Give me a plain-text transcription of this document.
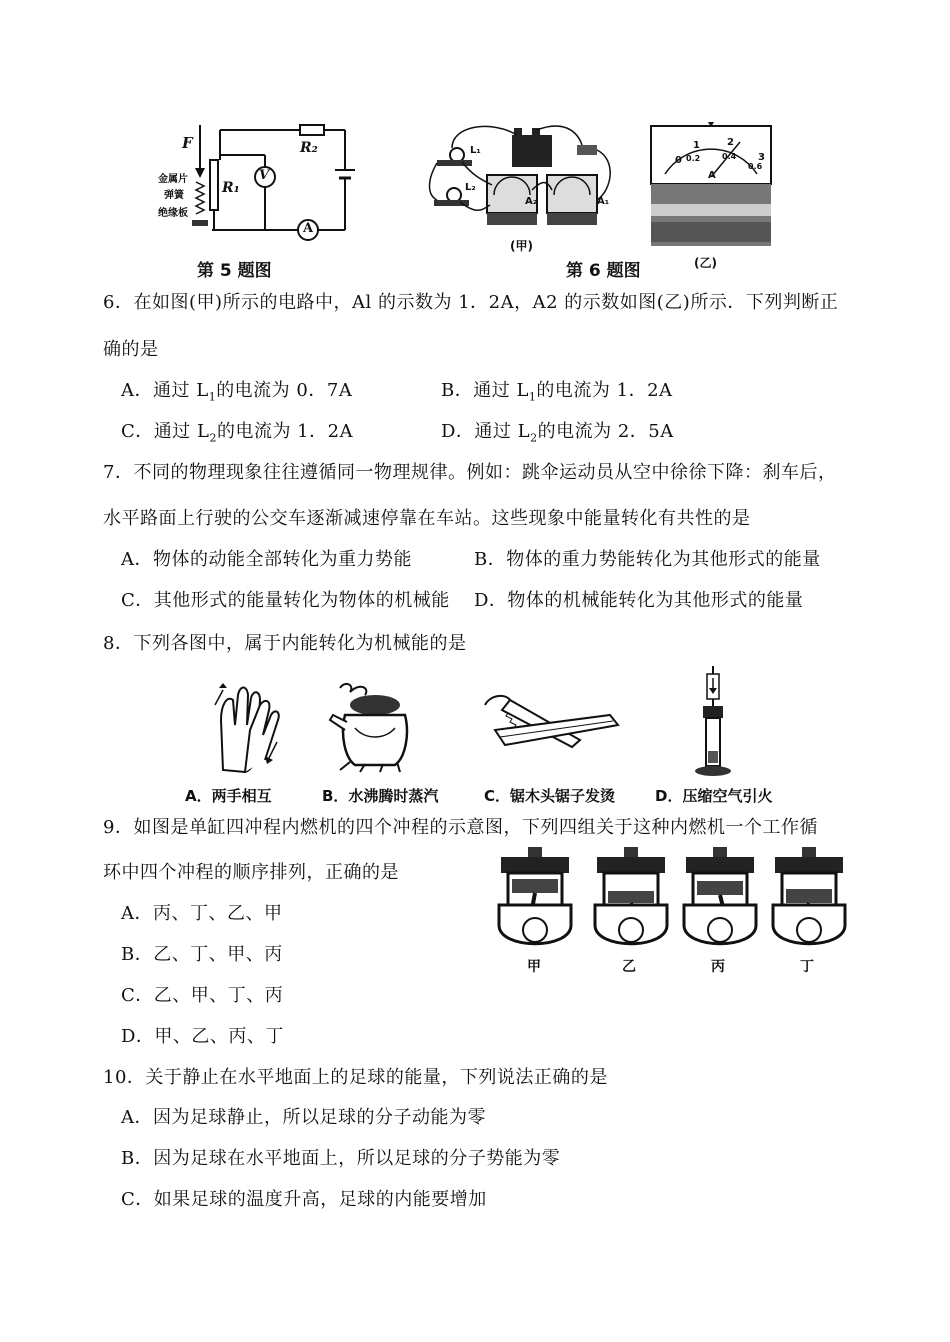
F	R₂
R₁
V
A
金属片
弹簧
绝缘板
第 5 题图
L₁
L₂
A₂	A₁
(甲)
第 6 题图
0
1	2
3
0.2	0.4
0.6
A
(乙)
6．在如图(甲)所示的电路中，Al 的示数为 1．2A，A2 的示数如图(乙)所示．下列判断正
确的是
A．通过 $L_1$的电流为 0．7A	B．通过 $L_1$的电流为 1．2A
C．通过 $L_2$的电流为 1．2A	D．通过 $L_2$的电流为 2．5A
7．不同的物理现象往往遵循同一物理规律。例如：跳伞运动员从空中徐徐下降：刹车后，
水平路面上行驶的公交车逐渐减速停靠在车站。这些现象中能量转化有共性的是
A．物体的动能全部转化为重力势能	B．物体的重力势能转化为其他形式的能量
C．其他形式的能量转化为物体的机械能 D．物体的机械能转化为其他形式的能量
8．下列各图中，属于内能转化为机械能的是
A．两手相互	B．水沸腾时蒸汽	C．锯木头锯子发烫	D．压缩空气引火
9．如图是单缸四冲程内燃机的四个冲程的示意图，下列四组关于这种内燃机一个工作循
环中四个冲程的顺序排列，正确的是
A．丙、丁、乙、甲
B．乙、丁、甲、丙
C．乙、甲、丁、丙
D．甲、乙、丙、丁
甲	乙	丙	丁
10．关于静止在水平地面上的足球的能量，下列说法正确的是
A．因为足球静止，所以足球的分子动能为零
B．因为足球在水平地面上，所以足球的分子势能为零
C．如果足球的温度升高，足球的内能要增加
